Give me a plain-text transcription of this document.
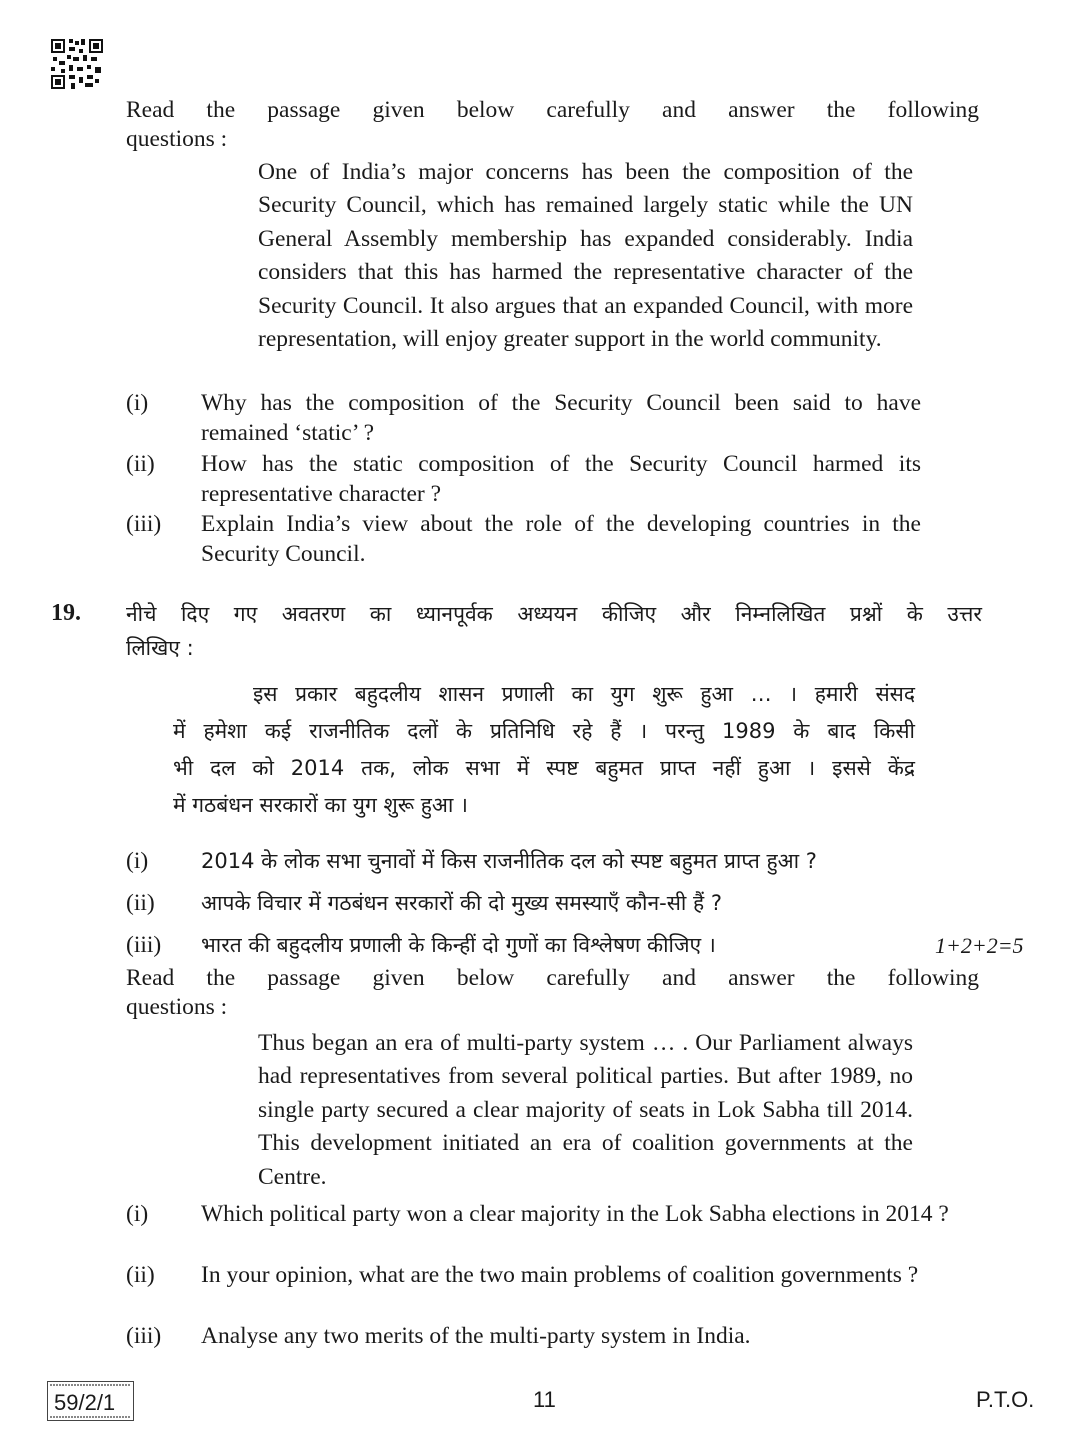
Read the passage given below carefully and answer the following
questions :
One of India’s major concerns has been the composition of the Security Council, which has remained largely static while the UN General Assembly membership has expanded considerably. India considers that this has harmed the representative character of the Security Council. It also argues that an expanded Council, with more representation, will enjoy greater support in the world community.
(i)	Why has the composition of the Security Council been said to have remained ‘static’ ?
(ii)	How has the static composition of the Security Council harmed its representative character ?
(iii)	Explain India’s view about the role of the developing countries in the Security Council.
19. नीचे दिए गए अवतरण का ध्यानपूर्वक अध्ययन कीजिए और निम्नलिखित प्रश्नों के उत्तर
लिखिए :
इस प्रकार बहुदलीय शासन प्रणाली का युग शुरू हुआ … । हमारी संसद
में हमेशा कई राजनीतिक दलों के प्रतिनिधि रहे हैं । परन्तु 1989 के बाद किसी
भी दल को 2014 तक, लोक सभा में स्पष्ट बहुमत प्राप्त नहीं हुआ । इससे केंद्र
में गठबंधन सरकारों का युग शुरू हुआ ।
(i)	2014 के लोक सभा चुनावों में किस राजनीतिक दल को स्पष्ट बहुमत प्राप्त हुआ ?
(ii) आपके विचार में गठबंधन सरकारों की दो मुख्य समस्याएँ कौन-सी हैं ?
(iii) भारत की बहुदलीय प्रणाली के किन्हीं दो गुणों का विश्लेषण कीजिए ।	1+2+2=5
Read the passage given below carefully and answer the following
questions :
Thus began an era of multi-party system … . Our Parliament always had representatives from several political parties. But after 1989, no single party secured a clear majority of seats in Lok Sabha till 2014. This development initiated an era of coalition governments at the Centre.
(i)	Which political party won a clear majority in the Lok Sabha elections in 2014 ?
(ii)	In your opinion, what are the two main problems of coalition governments ?
(iii)	Analyse any two merits of the multi-party system in India.
59/2/1	11	P.T.O.
